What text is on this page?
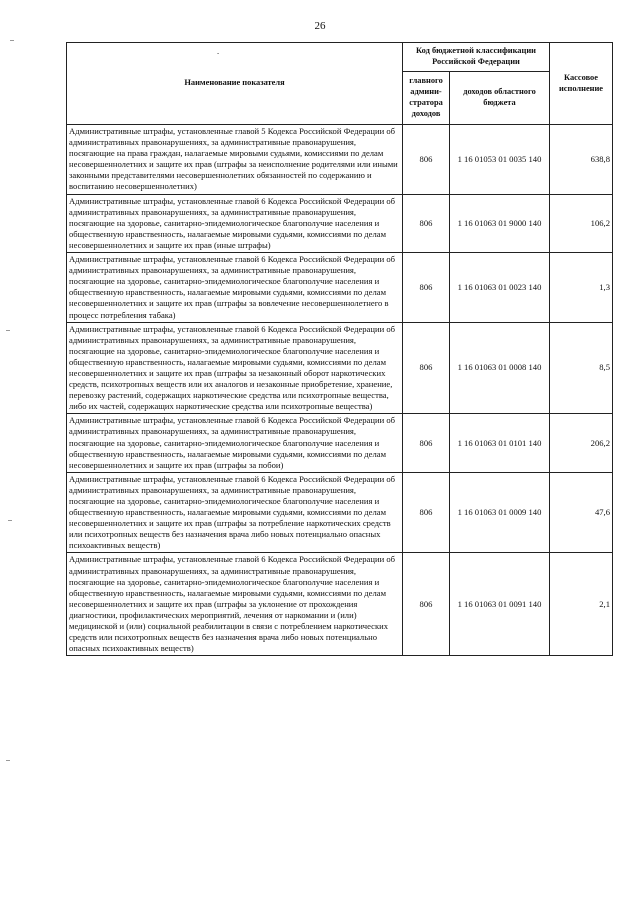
26
.
Наименование показателя	Код бюджетной классификации Российской Федерации		Кассовое исполнение
	главного админи-стратора доходов	доходов областного бюджета	
Административные штрафы, установленные главой 5 Кодекса Российской Федерации об административных правонарушениях, за административные правонарушения, посягающие на права граждан, налагаемые мировыми судьями, комиссиями по делам несовершеннолетних и защите их прав (штрафы за неисполнение родителями или иными законными представителями несовершеннолетних обязанностей по содержанию и воспитанию несовершеннолетних)	806	1 16 01053 01 0035 140	638,8
Административные штрафы, установленные главой 6 Кодекса Российской Федерации об административных правонарушениях, за административные правонарушения, посягающие на здоровье, санитарно-эпидемиологическое благополучие населения и общественную нравственность, налагаемые мировыми судьями, комиссиями по делам несовершеннолетних и защите их прав (иные штрафы)	806	1 16 01063 01 9000 140	106,2
Административные штрафы, установленные главой 6 Кодекса Российской Федерации об административных правонарушениях, за административные правонарушения, посягающие на здоровье, санитарно-эпидемиологическое благополучие населения и общественную нравственность, налагаемые мировыми судьями, комиссиями по делам несовершеннолетних и защите их прав (штрафы за вовлечение несовершеннолетнего в процесс потребления табака)	806	1 16 01063 01 0023 140	1,3
Административные штрафы, установленные главой 6 Кодекса Российской Федерации об административных правонарушениях, за административные правонарушения, посягающие на здоровье, санитарно-эпидемиологическое благополучие населения и общественную нравственность, налагаемые мировыми судьями, комиссиями по делам несовершеннолетних и защите их прав (штрафы за незаконный оборот наркотических средств, психотропных веществ или их аналогов и незаконные приобретение, хранение, перевозку растений, содержащих наркотические средства или психотропные вещества, либо их частей, содержащих наркотические средства или психотропные вещества)	806	1 16 01063 01 0008 140	8,5
Административные штрафы, установленные главой 6 Кодекса Российской Федерации об административных правонарушениях, за административные правонарушения, посягающие на здоровье, санитарно-эпидемиологическое благополучие населения и общественную нравственность, налагаемые мировыми судьями, комиссиями по делам несовершеннолетних и защите их прав (штрафы за побои)	806	1 16 01063 01 0101 140	206,2
Административные штрафы, установленные главой 6 Кодекса Российской Федерации об административных правонарушениях, за административные правонарушения, посягающие на здоровье, санитарно-эпидемиологическое благополучие населения и общественную нравственность, налагаемые мировыми судьями, комиссиями по делам несовершеннолетних и защите их прав (штрафы за потребление наркотических средств или психотропных веществ без назначения врача либо новых потенциально опасных психоактивных веществ)	806	1 16 01063 01 0009 140	47,6
Административные штрафы, установленные главой 6 Кодекса Российской Федерации об административных правонарушениях, за административные правонарушения, посягающие на здоровье, санитарно-эпидемиологическое благополучие населения и общественную нравственность, налагаемые мировыми судьями, комиссиями по делам несовершеннолетних и защите их прав (штрафы за уклонение от прохождения диагностики, профилактических мероприятий, лечения от наркомании и (или) медицинской и (или) социальной реабилитации в связи с потреблением наркотических средств или психотропных веществ без назначения врача либо новых потенциально опасных психоактивных веществ)	806	1 16 01063 01 0091 140	2,1
